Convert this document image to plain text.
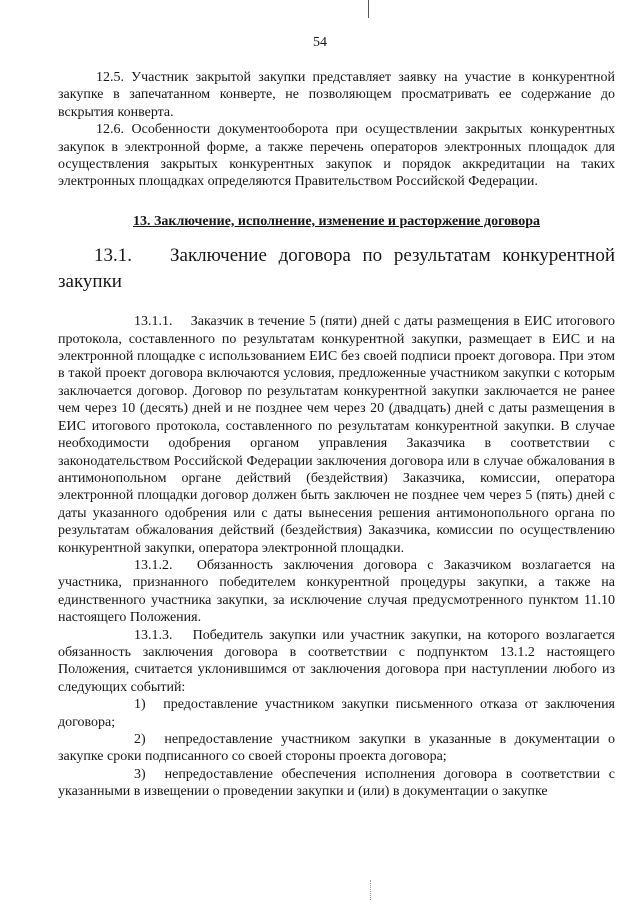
54

12.5. Участник закрытой закупки представляет заявку на участие в конкурентной закупке в запечатанном конверте, не позволяющем просматривать ее содержание до вскрытия конверта.

12.6. Особенности документооборота при осуществлении закрытых конкурентных закупок в электронной форме, а также перечень операторов электронных площадок для осуществления закрытых конкурентных закупок и порядок аккредитации на таких электронных площадках определяются Правительством Российской Федерации.

13. Заключение, исполнение, изменение и расторжение договора

13.1. Заключение договора по результатам конкурентной закупки

13.1.1. Заказчик в течение 5 (пяти) дней с даты размещения в ЕИС итогового протокола, составленного по результатам конкурентной закупки, размещает в ЕИС и на электронной площадке с использованием ЕИС без своей подписи проект договора. При этом в такой проект договора включаются условия, предложенные участником закупки с которым заключается договор. Договор по результатам конкурентной закупки заключается не ранее чем через 10 (десять) дней и не позднее чем через 20 (двадцать) дней с даты размещения в ЕИС итогового протокола, составленного по результатам конкурентной закупки. В случае необходимости одобрения органом управления Заказчика в соответствии с законодательством Российской Федерации заключения договора или в случае обжалования в антимонопольном органе действий (бездействия) Заказчика, комиссии, оператора электронной площадки договор должен быть заключен не позднее чем через 5 (пять) дней с даты указанного одобрения или с даты вынесения решения антимонопольного органа по результатам обжалования действий (бездействия) Заказчика, комиссии по осуществлению конкурентной закупки, оператора электронной площадки.

13.1.2. Обязанность заключения договора с Заказчиком возлагается на участника, признанного победителем конкурентной процедуры закупки, а также на единственного участника закупки, за исключение случая предусмотренного пунктом 11.10 настоящего Положения.

13.1.3. Победитель закупки или участник закупки, на которого возлагается обязанность заключения договора в соответствии с подпунктом 13.1.2 настоящего Положения, считается уклонившимся от заключения договора при наступлении любого из следующих событий:

1) предоставление участником закупки письменного отказа от заключения договора;

2) непредоставление участником закупки в указанные в документации о закупке сроки подписанного со своей стороны проекта договора;

3) непредоставление обеспечения исполнения договора в соответствии с указанными в извещении о проведении закупки и (или) в документации о закупке
